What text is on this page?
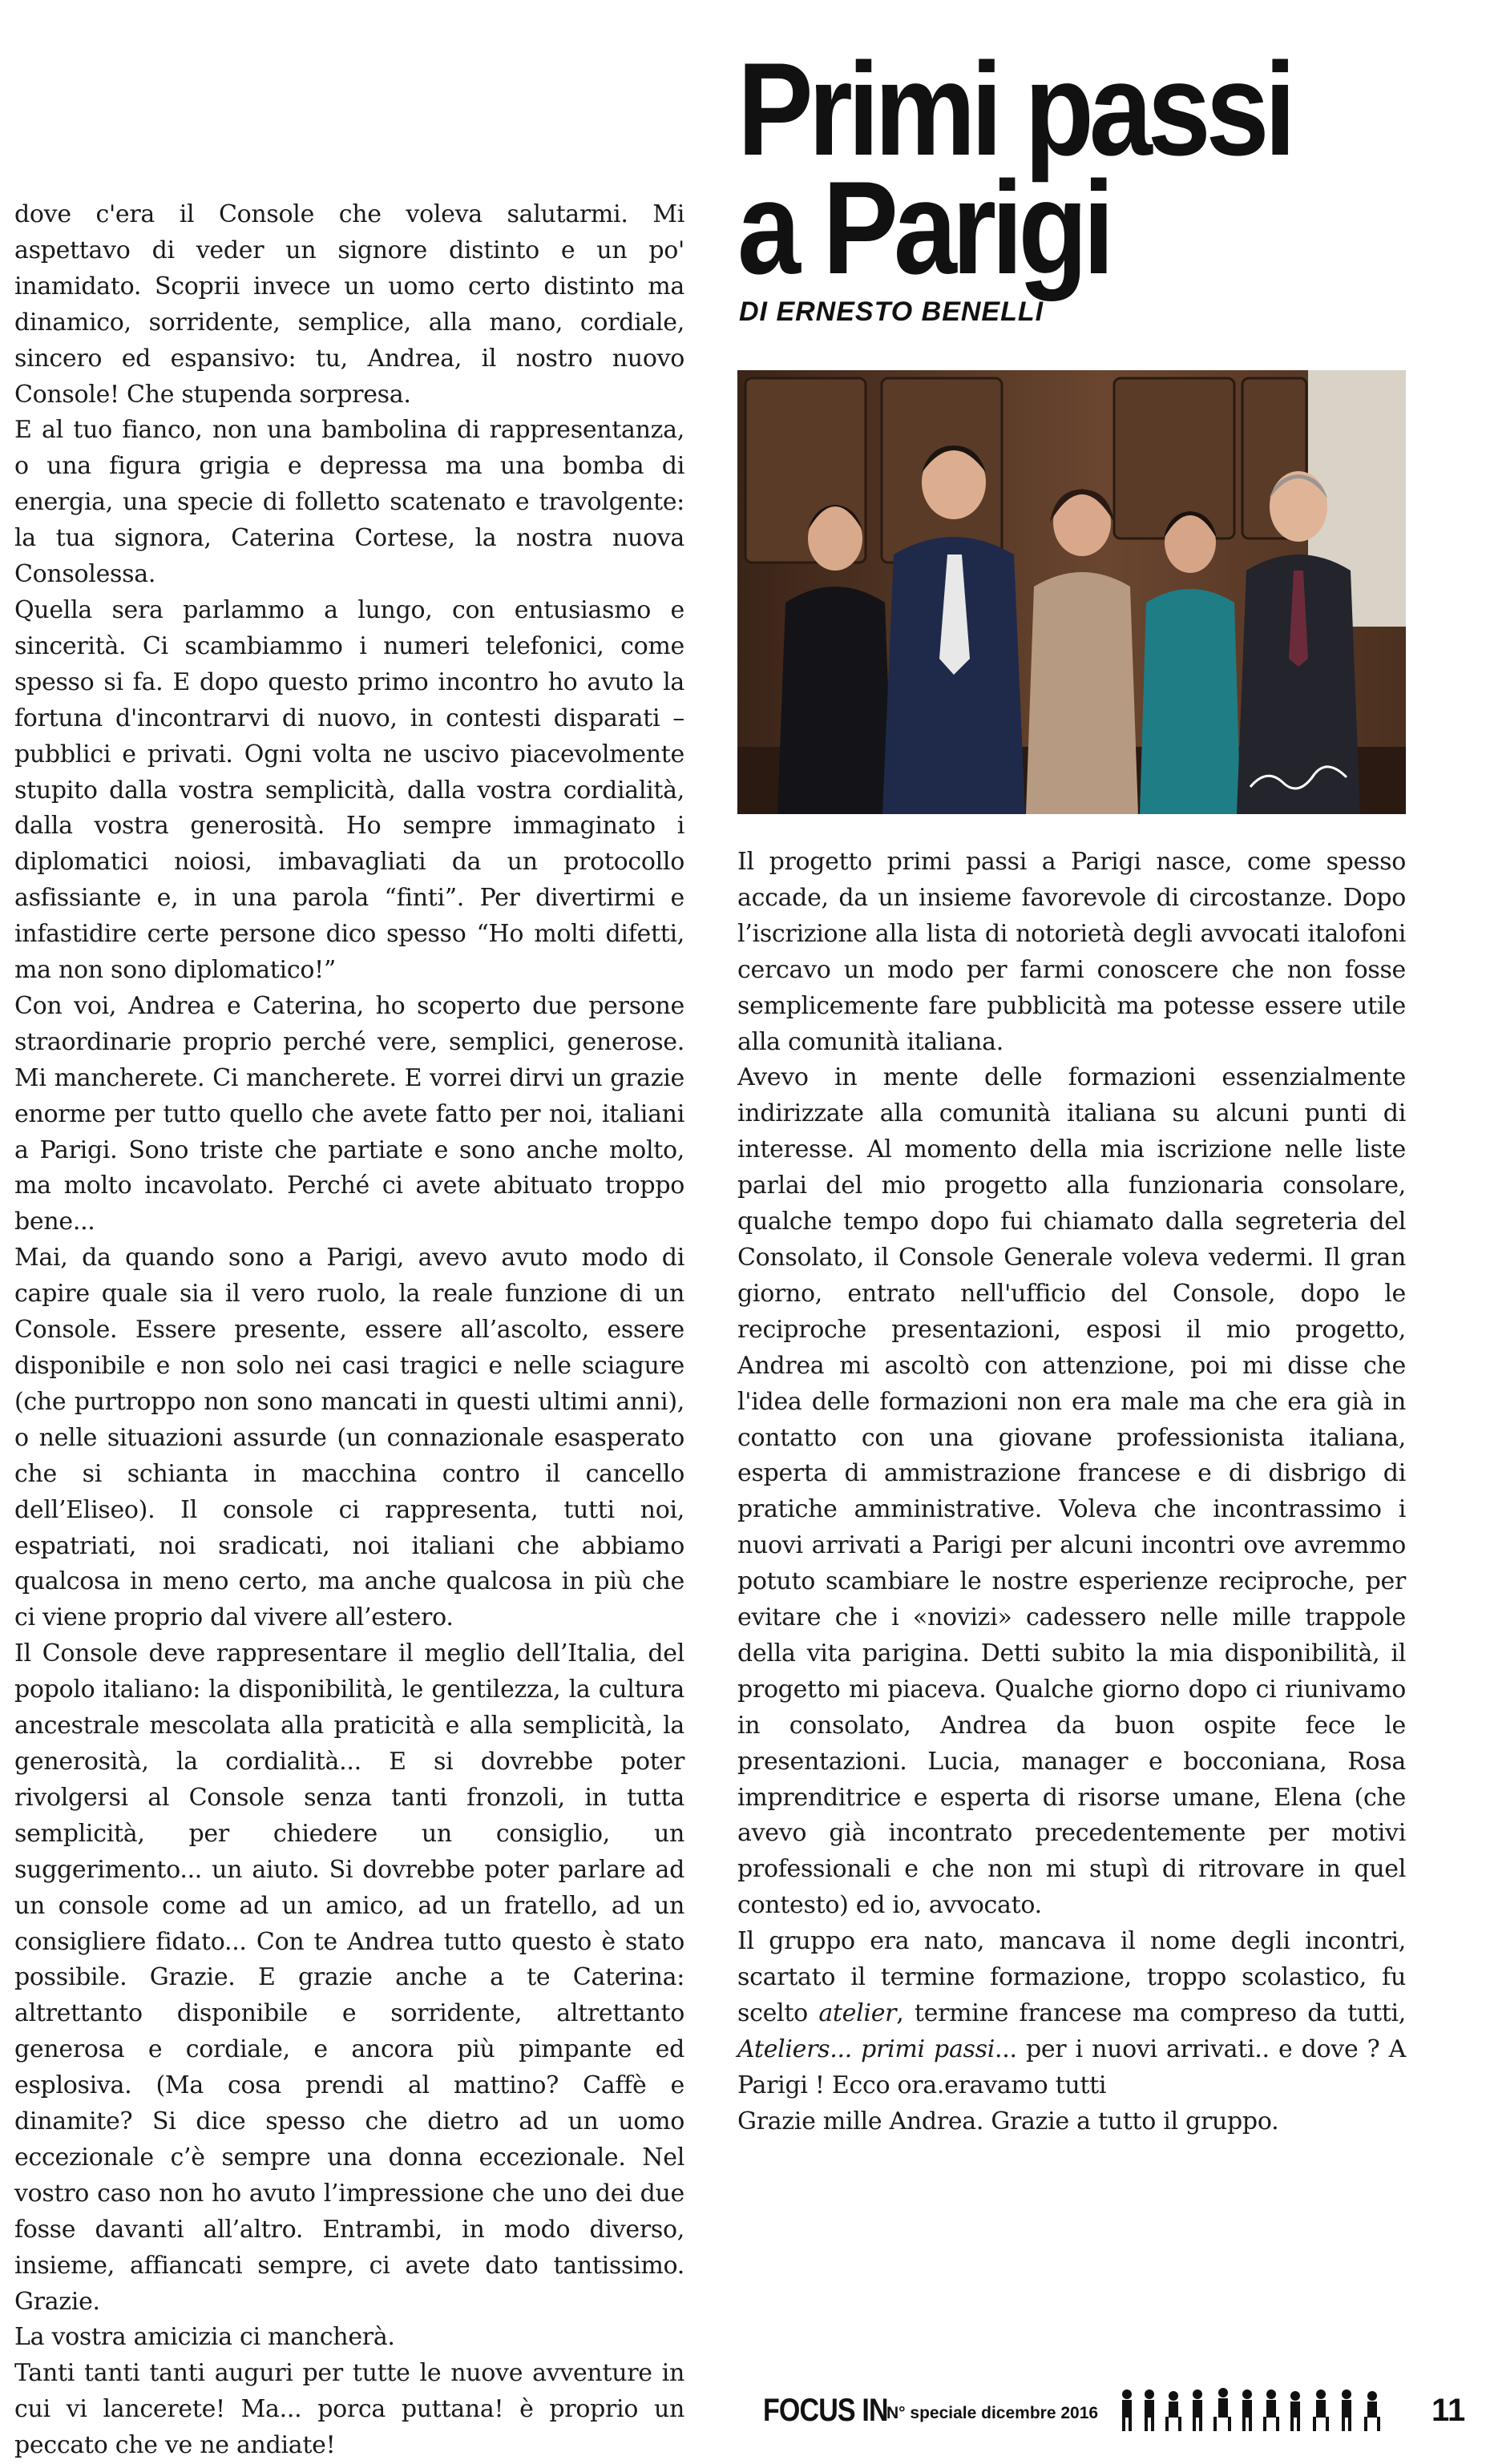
Primi passi
a Parigi
DI ERNESTO BENELLI

dove c'era il Console che voleva salutarmi. Mi aspettavo di veder un signore distinto e un po' inamidato. Scoprii invece un uomo certo distinto ma dinamico, sorridente, semplice, alla mano, cordiale, sincero ed espansivo: tu, Andrea, il nostro nuovo Console! Che stupenda sorpresa.

E al tuo fianco, non una bambolina di rappresentanza, o una figura grigia e depressa ma una bomba di energia, una specie di folletto scatenato e travolgente: la tua signora, Caterina Cortese, la nostra nuova Consolessa.

Quella sera parlammo a lungo, con entusiasmo e sincerità. Ci scambiammo i numeri telefonici, come spesso si fa. E dopo questo primo incontro ho avuto la fortuna d'incontrarvi di nuovo, in contesti disparati – pubblici e privati. Ogni volta ne uscivo piacevolmente stupito dalla vostra semplicità, dalla vostra cordialità, dalla vostra generosità. Ho sempre immaginato i diplomatici noiosi, imbavagliati da un protocollo asfissiante e, in una parola “finti”. Per divertirmi e infastidire certe persone dico spesso “Ho molti difetti, ma non sono diplomatico!”

Con voi, Andrea e Caterina, ho scoperto due persone straordinarie proprio perché vere, semplici, generose. Mi mancherete. Ci mancherete. E vorrei dirvi un grazie enorme per tutto quello che avete fatto per noi, italiani a Parigi. Sono triste che partiate e sono anche molto, ma molto incavolato. Perché ci avete abituato troppo bene...

Mai, da quando sono a Parigi, avevo avuto modo di capire quale sia il vero ruolo, la reale funzione di un Console. Essere presente, essere all’ascolto, essere disponibile e non solo nei casi tragici e nelle sciagure (che purtroppo non sono mancati in questi ultimi anni), o nelle situazioni assurde (un connazionale esasperato che si schianta in macchina contro il cancello dell’Eliseo). Il console ci rappresenta, tutti noi, espatriati, noi sradicati, noi italiani che abbiamo qualcosa in meno certo, ma anche qualcosa in più che ci viene proprio dal vivere all’estero.

Il Console deve rappresentare il meglio dell’Italia, del popolo italiano: la disponibilità, le gentilezza, la cultura ancestrale mescolata alla praticità e alla semplicità, la generosità, la cordialità... E si dovrebbe poter rivolgersi al Console senza tanti fronzoli, in tutta semplicità, per chiedere un consiglio, un suggerimento... un aiuto. Si dovrebbe poter parlare ad un console come ad un amico, ad un fratello, ad un consigliere fidato... Con te Andrea tutto questo è stato possibile. Grazie. E grazie anche a te Caterina: altrettanto disponibile e sorridente, altrettanto generosa e cordiale, e ancora più pimpante ed esplosiva. (Ma cosa prendi al mattino? Caffè e dinamite? Si dice spesso che dietro ad un uomo eccezionale c’è sempre una donna eccezionale. Nel vostro caso non ho avuto l’impressione che uno dei due fosse davanti all’altro. Entrambi, in modo diverso, insieme, affiancati sempre, ci avete dato tantissimo. Grazie.

La vostra amicizia ci mancherà.

Tanti tanti tanti auguri per tutte le nuove avventure in cui vi lancerete! Ma... porca puttana! è proprio un peccato che ve ne andiate!

Il progetto primi passi a Parigi nasce, come spesso accade, da un insieme favorevole di circostanze. Dopo l’iscrizione alla lista di notorietà degli avvocati italofoni cercavo un modo per farmi conoscere che non fosse semplicemente fare pubblicità ma potesse essere utile alla comunità italiana.

Avevo in mente delle formazioni essenzialmente indirizzate alla comunità italiana su alcuni punti di interesse. Al momento della mia iscrizione nelle liste parlai del mio progetto alla funzionaria consolare, qualche tempo dopo fui chiamato dalla segreteria del Consolato, il Console Generale voleva vedermi. Il gran giorno, entrato nell'ufficio del Console, dopo le reciproche presentazioni, esposi il mio progetto, Andrea mi ascoltò con attenzione, poi mi disse che l'idea delle formazioni non era male ma che era già in contatto con una giovane professionista italiana, esperta di ammistrazione francese e di disbrigo di pratiche amministrative. Voleva che incontrassimo i nuovi arrivati a Parigi per alcuni incontri ove avremmo potuto scambiare le nostre esperienze reciproche, per evitare che i «novizi» cadessero nelle mille trappole della vita parigina. Detti subito la mia disponibilità, il progetto mi piaceva. Qualche giorno dopo ci riunivamo in consolato, Andrea da buon ospite fece le presentazioni. Lucia, manager e bocconiana, Rosa imprenditrice e esperta di risorse umane, Elena (che avevo già incontrato precedentemente per motivi professionali e che non mi stupì di ritrovare in quel contesto) ed io, avvocato.

Il gruppo era nato, mancava il nome degli incontri, scartato il termine formazione, troppo scolastico, fu scelto atelier, termine francese ma compreso da tutti, Ateliers... primi passi... per i nuovi arrivati.. e dove ? A Parigi ! Ecco ora.eravamo tutti

Grazie mille Andrea. Grazie a tutto il gruppo.

FOCUS IN
N° speciale dicembre 2016	11
